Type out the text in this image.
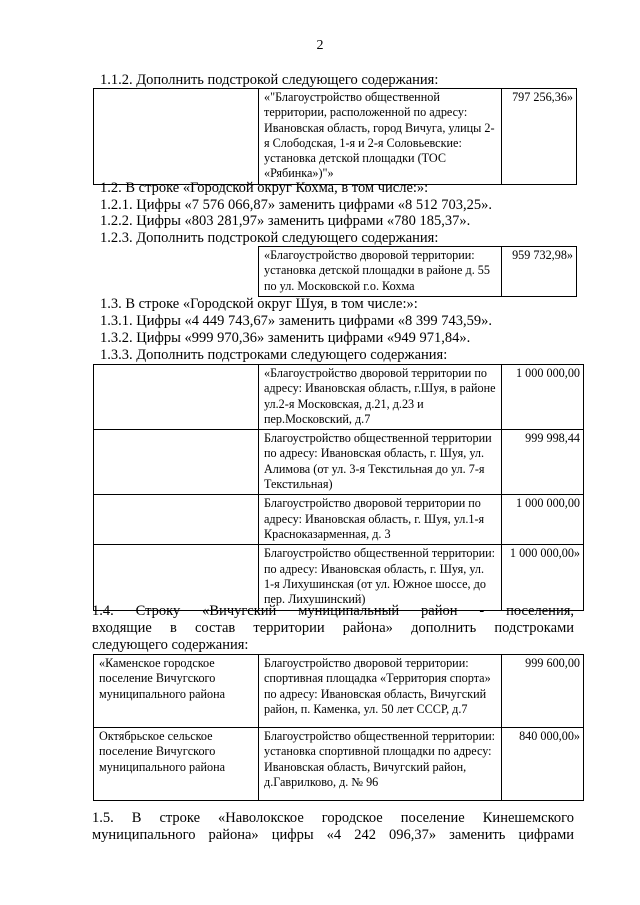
2
1.1.2. Дополнить подстрокой следующего содержания:
	«"Благоустройство общественной территории, расположенной по адресу: Ивановская область, город Вичуга, улицы 2-я Слободская, 1-я и 2-я Соловьевские: установка детской площадки (ТОС «Рябинка»)"»	797 256,36»
1.2. В строке «Городской округ Кохма, в том числе:»:
1.2.1. Цифры «7 576 066,87» заменить цифрами «8 512 703,25».
1.2.2. Цифры «803 281,97» заменить цифрами «780 185,37».
1.2.3. Дополнить подстрокой следующего содержания:
«Благоустройство дворовой территории: установка детской площадки в районе д. 55 по ул. Московской г.о. Кохма	959 732,98»
1.3. В строке «Городской округ Шуя, в том числе:»:
1.3.1. Цифры «4 449 743,67» заменить цифрами «8 399 743,59».
1.3.2. Цифры «999 970,36» заменить цифрами «949 971,84».
1.3.3. Дополнить подстроками следующего содержания:
	«Благоустройство дворовой территории по адресу: Ивановская область, г.Шуя, в районе ул.2-я Московская, д.21, д.23 и пер.Московский, д.7	1 000 000,00
	Благоустройство общественной территории по адресу: Ивановская область, г. Шуя, ул. Алимова (от ул. 3-я Текстильная до ул. 7-я Текстильная)	999 998,44
	Благоустройство дворовой территории по адресу: Ивановская область, г. Шуя, ул.1-я Красноказарменная, д. 3	1 000 000,00
	Благоустройство общественной территории: по адресу: Ивановская область, г. Шуя, ул. 1-я Лихушинская (от ул. Южное шоссе, до пер. Лихушинский)	1 000 000,00»
1.4. Строку «Вичугский муниципальный район - поселения,
входящие в состав территории района» дополнить подстроками
следующего содержания:
«Каменское городское поселение Вичугского муниципального района	Благоустройство дворовой территории: спортивная площадка «Территория спорта» по адресу: Ивановская область, Вичугский район, п. Каменка, ул. 50 лет СССР, д.7	999 600,00
Октябрьское сельское поселение Вичугского муниципального района	Благоустройство общественной территории: установка спортивной площадки по адресу: Ивановская область, Вичугский район, д.Гаврилково, д. № 96	840 000,00»
1.5. В строке «Наволокское городское поселение Кинешемского
муниципального района» цифры «4 242 096,37» заменить цифрами
